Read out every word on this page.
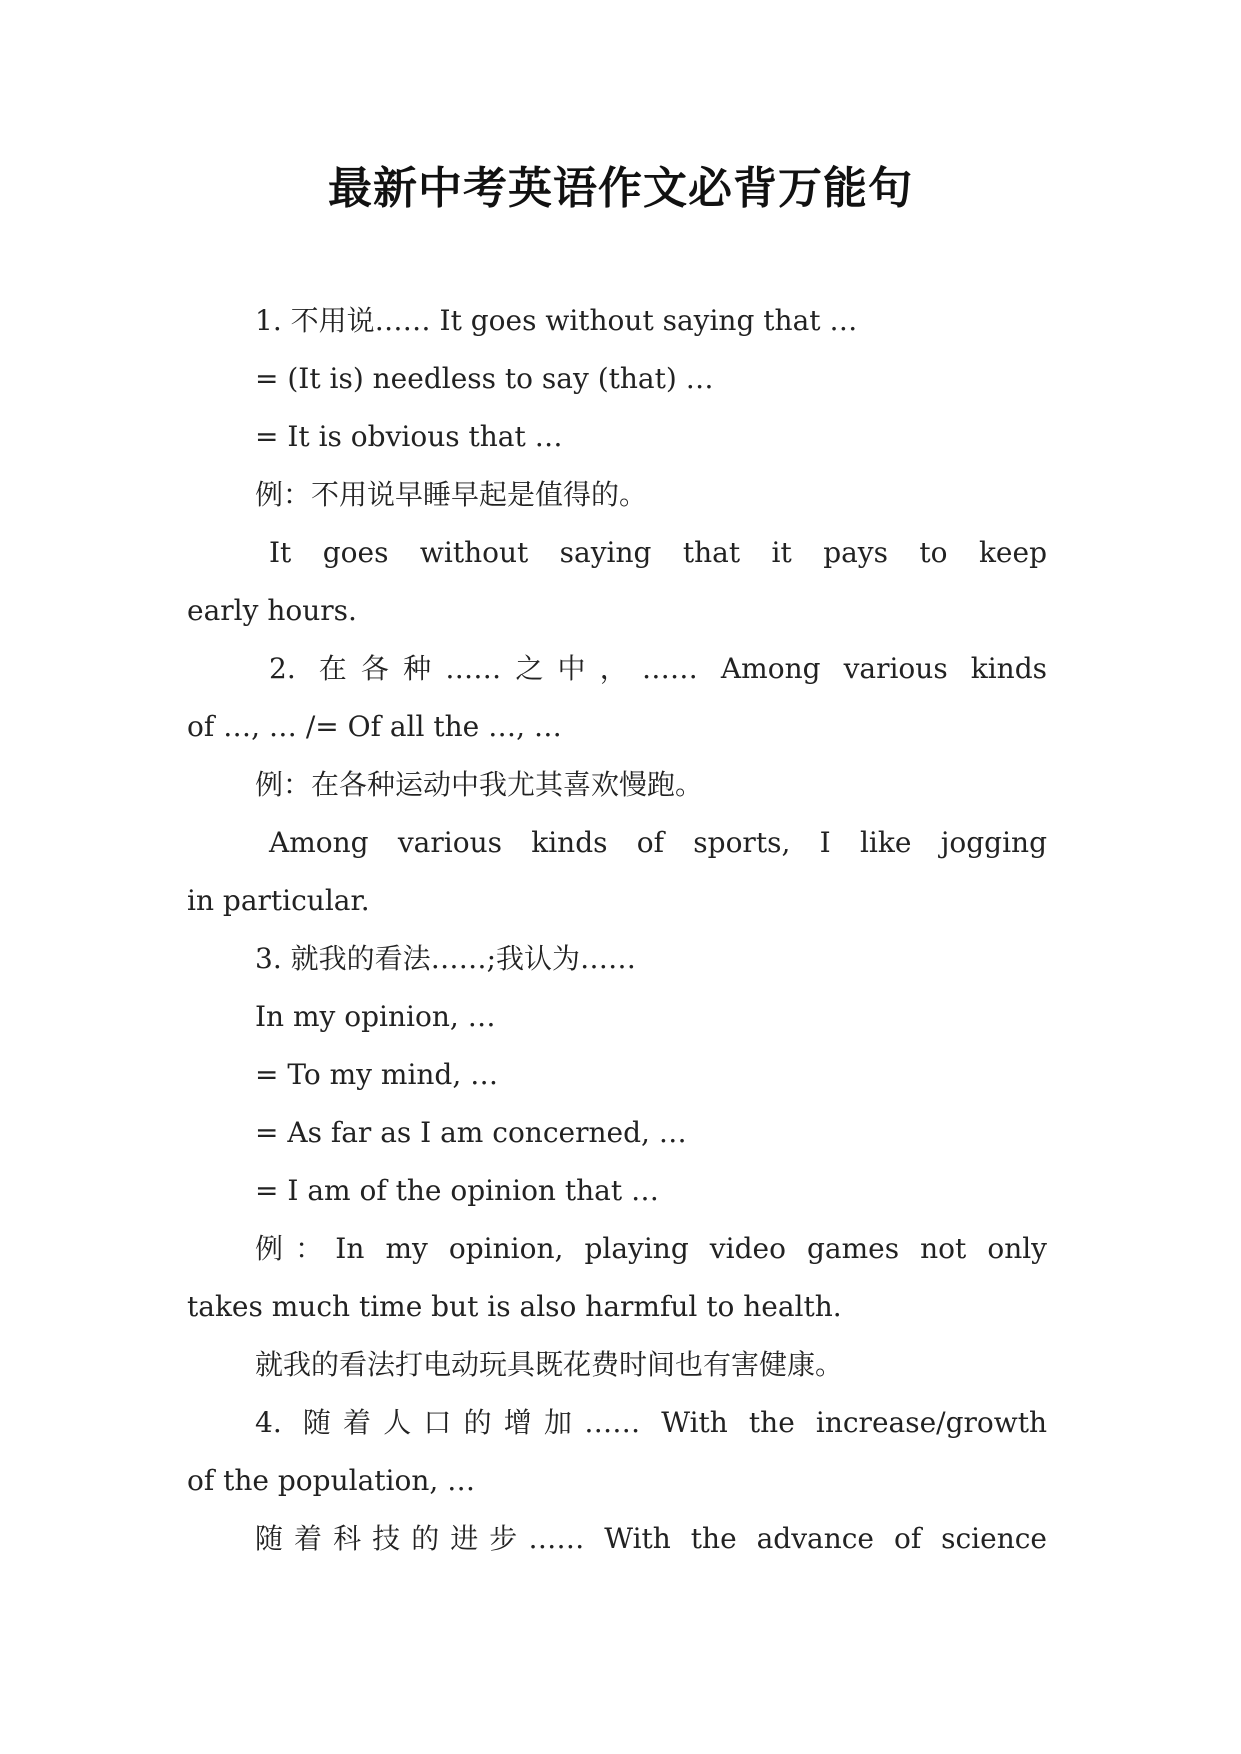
最新中考英语作文必背万能句

1. 不用说…… It goes without saying that …

= (It is) needless to say (that) …

= It is obvious that …

例：不用说早睡早起是值得的。

It goes without saying that it pays to keep

early hours.

2. 在各种……之中，…… Among various kinds

of …, … /= Of all the …, …

例：在各种运动中我尤其喜欢慢跑。

Among various kinds of sports, I like jogging

in particular.

3. 就我的看法……;我认为……

In my opinion, …

= To my mind, …

= As far as I am concerned, …

= I am of the opinion that …

例：In my opinion, playing video games not only

takes much time but is also harmful to health.

就我的看法打电动玩具既花费时间也有害健康。

4. 随着人口的增加…… With the increase/growth

of the population, …

随着科技的进步…… With the advance of science
